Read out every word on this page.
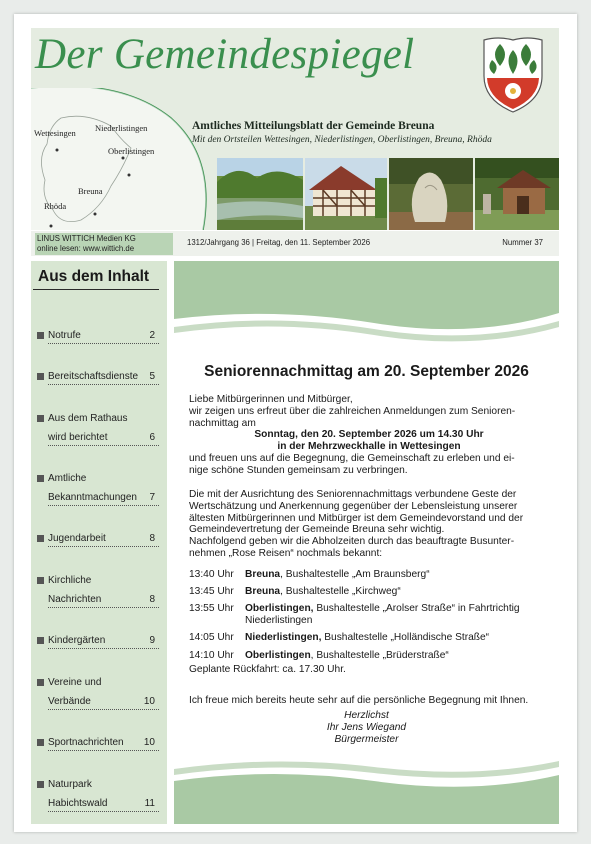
Der Gemeindespiegel
Wettesingen Niederlistingen
Oberlistingen
Breuna
Rhöda
Amtliches Mitteilungsblatt der Gemeinde Breuna
Mit den Ortsteilen Wettesingen, Niederlistingen, Oberlistingen, Breuna, Rhöda
LINUS WITTICH Medien KG
online lesen: www.wittich.de
1312/Jahrgang 36 | Freitag, den 11. September 2026	Nummer 37
Aus dem Inhalt
Notrufe	2
Bereitschaftsdienste 5
Aus dem Rathaus
wird berichtet	6
Amtliche
Bekanntmachungen 7
Jugendarbeit	8
Kirchliche
Nachrichten	8
Kindergärten	9
Vereine und
Verbände	10
Sportnachrichten 10
Naturpark
Habichtswald	11
Seniorennachmittag am 20. September 2026

Liebe Mitbürgerinnen und Mitbürger,

wir zeigen uns erfreut über die zahlreichen Anmeldungen zum Senioren-

nachmittag am

Sonntag, den 20. September 2026 um 14.30 Uhr

in der Mehrzweckhalle in Wettesingen

und freuen uns auf die Begegnung, die Gemeinschaft zu erleben und ei-

nige schöne Stunden gemeinsam zu verbringen.

Die mit der Ausrichtung des Seniorennachmittags verbundene Geste der

Wertschätzung und Anerkennung gegenüber der Lebensleistung unserer

ältesten Mitbürgerinnen und Mitbürger ist dem Gemeindevorstand und der

Gemeindevertretung der Gemeinde Breuna sehr wichtig.

Nachfolgend geben wir die Abholzeiten durch das beauftragte Busunter-

nehmen „Rose Reisen“ nochmals bekannt:

13:40 Uhr Breuna, Bushaltestelle „Am Braunsberg“
13:45 Uhr Breuna, Bushaltestelle „Kirchweg“
13:55 Uhr Oberlistingen, Bushaltestelle „Arolser Straße“ in Fahrtrichtig Niederlistingen
14:05 Uhr Niederlistingen, Bushaltestelle „Holländische Straße“
14:10 Uhr Oberlistingen, Bushaltestelle „Brüderstraße“
Geplante Rückfahrt: ca. 17.30 Uhr.

Ich freue mich bereits heute sehr auf die persönliche Begegnung mit Ihnen.

Herzlichst
Ihr Jens Wiegand
Bürgermeister
